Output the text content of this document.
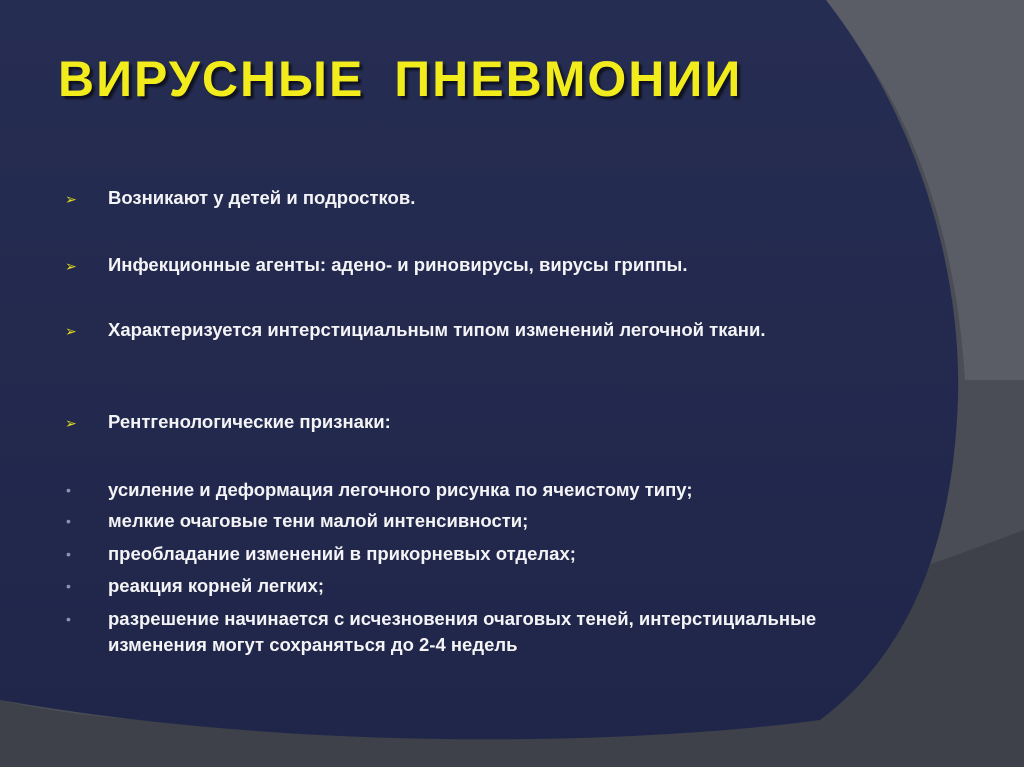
ВИРУСНЫЕ ПНЕВМОНИИ
➢	Возникают у детей и подростков.
➢	Инфекционные агенты: адено- и риновирусы, вирусы гриппы.
➢	Характеризуется интерстициальным типом изменений легочной ткани.
➢	Рентгенологические признаки:
•	усиление и деформация легочного рисунка по ячеистому типу;
•	мелкие очаговые тени малой интенсивности;
•	преобладание изменений в прикорневых отделах;
•	реакция корней легких;
•	разрешение начинается с исчезновения очаговых теней, интерстициальные изменения могут сохраняться до 2-4 недель
